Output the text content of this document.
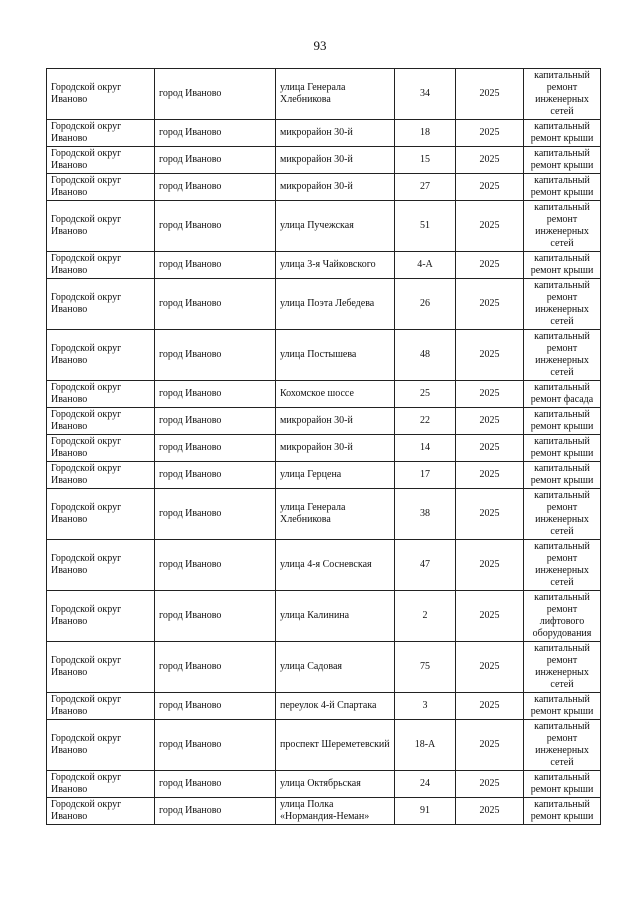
93
Городской округ Иваново	город Иваново	улица Генерала Хлебникова	34	2025	капитальный ремонт инженерных сетей
Городской округ Иваново	город Иваново	микрорайон 30-й	18	2025	капитальный ремонт крыши
Городской округ Иваново	город Иваново	микрорайон 30-й	15	2025	капитальный ремонт крыши
Городской округ Иваново	город Иваново	микрорайон 30-й	27	2025	капитальный ремонт крыши
Городской округ Иваново	город Иваново	улица Пучежская	51	2025	капитальный ремонт инженерных сетей
Городской округ Иваново	город Иваново	улица 3-я Чайковского	4-А	2025	капитальный ремонт крыши
Городской округ Иваново	город Иваново	улица Поэта Лебедева	26	2025	капитальный ремонт инженерных сетей
Городской округ Иваново	город Иваново	улица Постышева	48	2025	капитальный ремонт инженерных сетей
Городской округ Иваново	город Иваново	Кохомское шоссе	25	2025	капитальный ремонт фасада
Городской округ Иваново	город Иваново	микрорайон 30-й	22	2025	капитальный ремонт крыши
Городской округ Иваново	город Иваново	микрорайон 30-й	14	2025	капитальный ремонт крыши
Городской округ Иваново	город Иваново	улица Герцена	17	2025	капитальный ремонт крыши
Городской округ Иваново	город Иваново	улица Генерала Хлебникова	38	2025	капитальный ремонт инженерных сетей
Городской округ Иваново	город Иваново	улица 4-я Сосневская	47	2025	капитальный ремонт инженерных сетей
Городской округ Иваново	город Иваново	улица Калинина	2	2025	капитальный ремонт лифтового оборудования
Городской округ Иваново	город Иваново	улица Садовая	75	2025	капитальный ремонт инженерных сетей
Городской округ Иваново	город Иваново	переулок 4-й Спартака	3	2025	капитальный ремонт крыши
Городской округ Иваново	город Иваново	проспект Шереметевский	18-А	2025	капитальный ремонт инженерных сетей
Городской округ Иваново	город Иваново	улица Октябрьская	24	2025	капитальный ремонт крыши
Городской округ Иваново	город Иваново	улица Полка «Нормандия-Неман»	91	2025	капитальный ремонт крыши
